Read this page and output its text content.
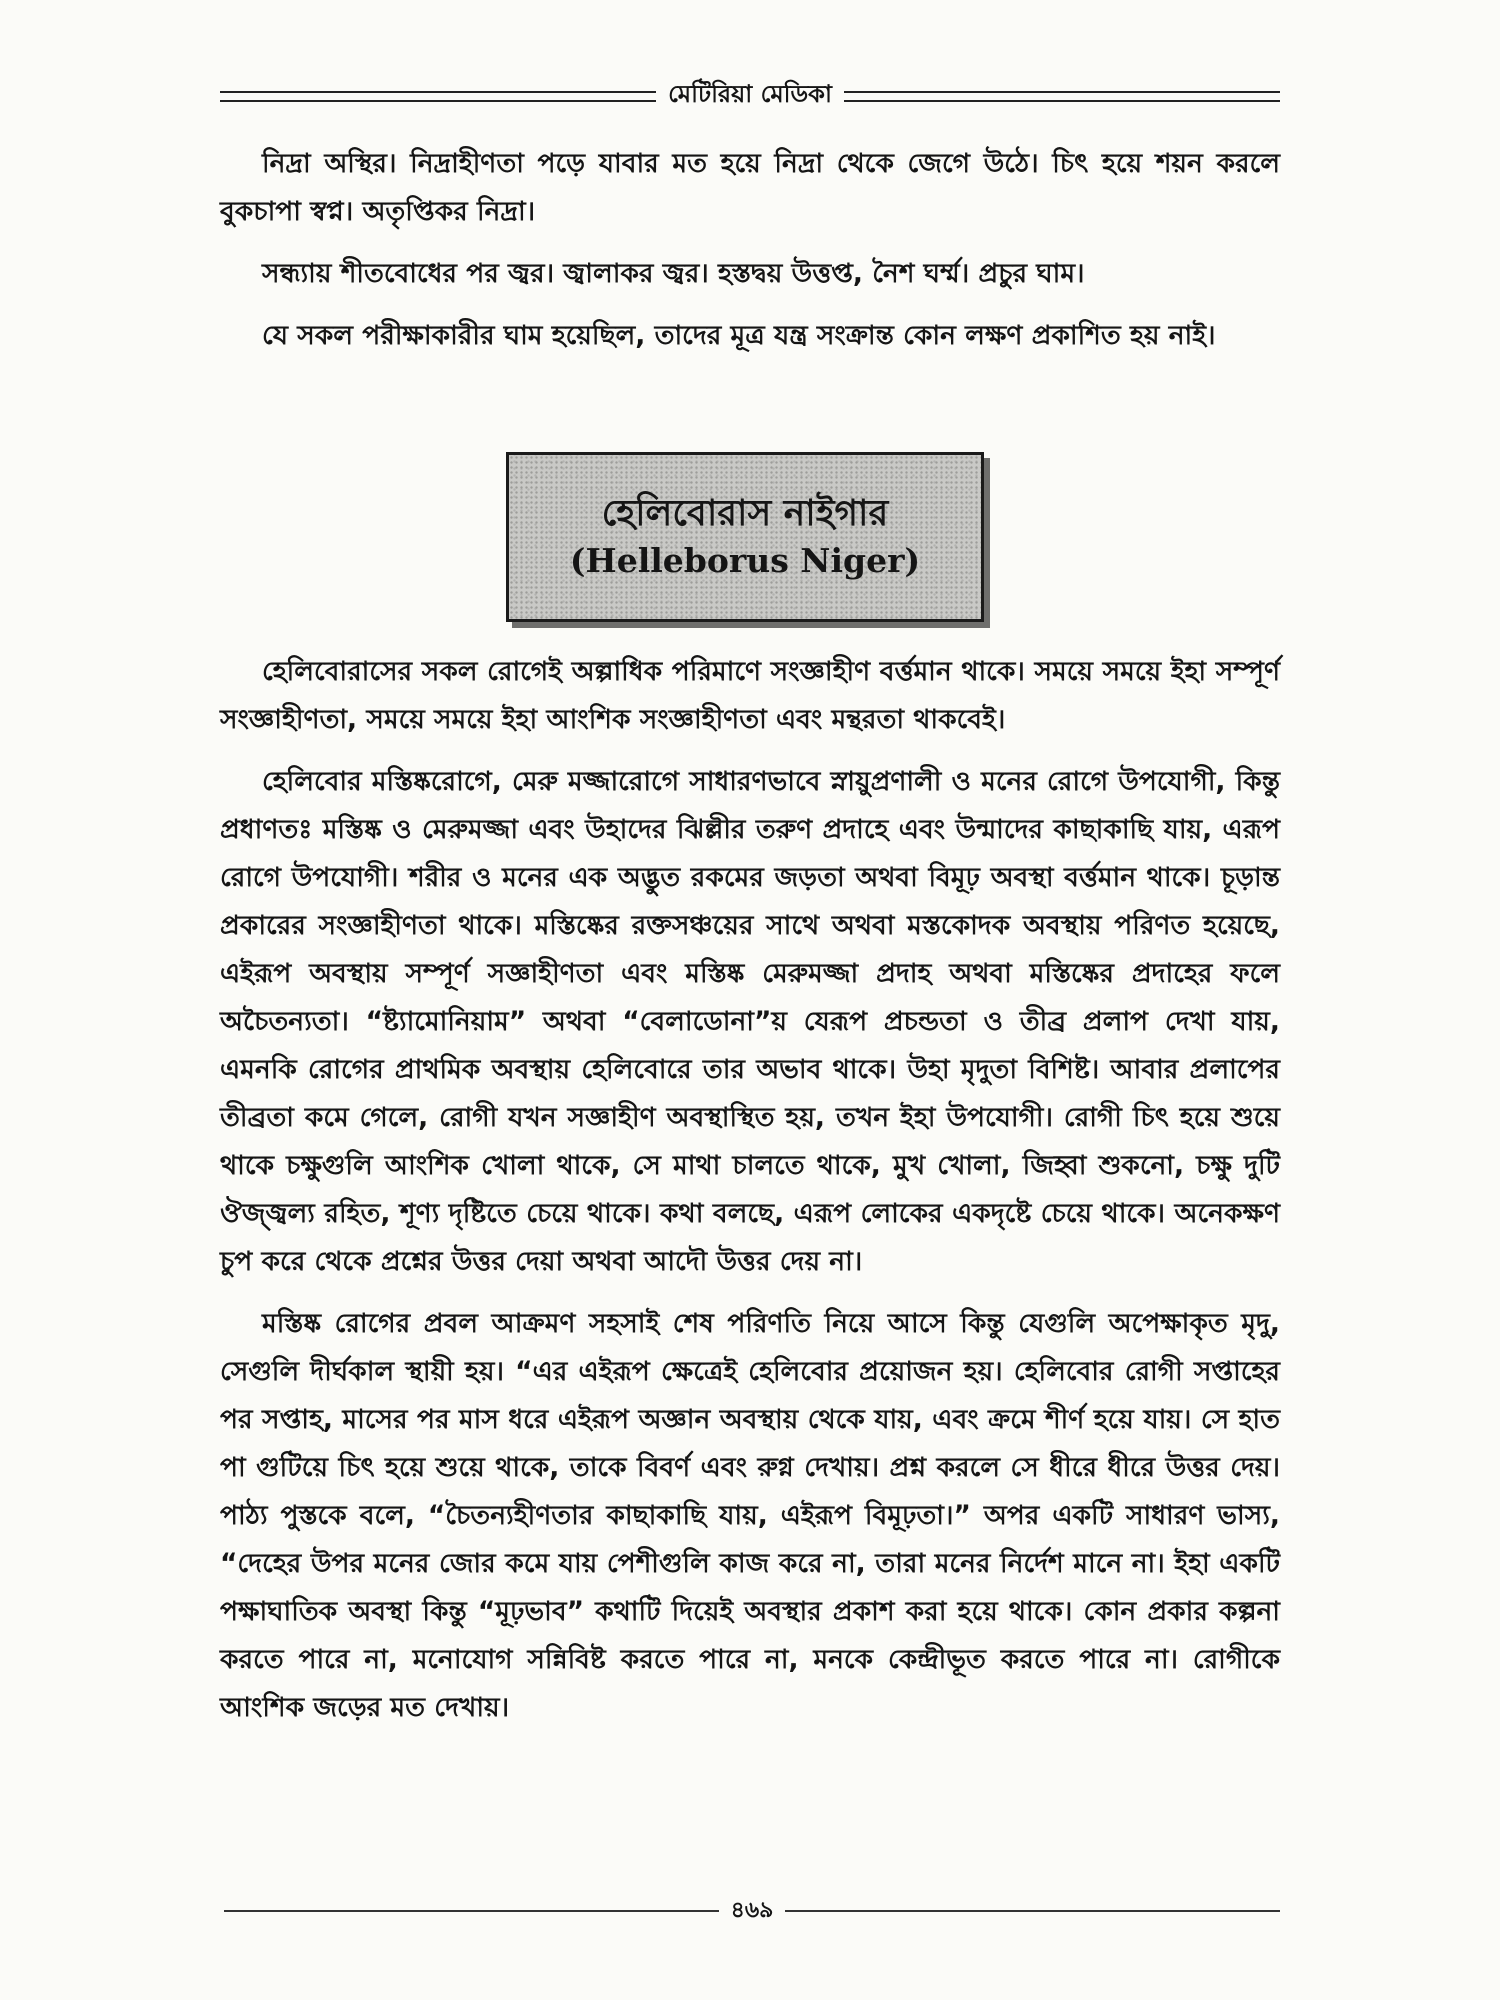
মেটিরিয়া মেডিকা

নিদ্রা অস্থির। নিদ্রাহীণতা পড়ে যাবার মত হয়ে নিদ্রা থেকে জেগে উঠে। চিৎ হয়ে শয়ন করলে বুকচাপা স্বপ্ন। অতৃপ্তিকর নিদ্রা।

সন্ধ্যায় শীতবোধের পর জ্বর। জ্বালাকর জ্বর। হস্তদ্বয় উত্তপ্ত, নৈশ ঘর্ম্ম। প্রচুর ঘাম।

যে সকল পরীক্ষাকারীর ঘাম হয়েছিল, তাদের মূত্র যন্ত্র সংক্রান্ত কোন লক্ষণ প্রকাশিত হয় নাই।

হেলিবোরাস নাইগার
(Helleborus Niger)

হেলিবোরাসের সকল রোগেই অল্পাধিক পরিমাণে সংজ্ঞাহীণ বর্ত্তমান থাকে। সময়ে সময়ে ইহা সম্পূর্ণ সংজ্ঞাহীণতা, সময়ে সময়ে ইহা আংশিক সংজ্ঞাহীণতা এবং মন্থরতা থাকবেই।

হেলিবোর মস্তিষ্করোগে, মেরু মজ্জারোগে সাধারণভাবে স্নায়ুপ্রণালী ও মনের রোগে উপযোগী, কিন্তু প্রধাণতঃ মস্তিষ্ক ও মেরুমজ্জা এবং উহাদের ঝিল্লীর তরুণ প্রদাহে এবং উন্মাদের কাছাকাছি যায়, এরূপ রোগে উপযোগী। শরীর ও মনের এক অদ্ভুত রকমের জড়তা অথবা বিমূঢ় অবস্থা বর্ত্তমান থাকে। চূড়ান্ত প্রকারের সংজ্ঞাহীণতা থাকে। মস্তিষ্কের রক্তসঞ্চয়ের সাথে অথবা মস্তকোদক অবস্থায় পরিণত হয়েছে, এইরূপ অবস্থায় সম্পূর্ণ সজ্ঞাহীণতা এবং মস্তিষ্ক মেরুমজ্জা প্রদাহ অথবা মস্তিষ্কের প্রদাহের ফলে অচৈতন্যতা। “ষ্ট্যামোনিয়াম” অথবা “বেলাডোনা”য় যেরূপ প্রচন্ডতা ও তীব্র প্রলাপ দেখা যায়, এমনকি রোগের প্রাথমিক অবস্থায় হেলিবোরে তার অভাব থাকে। উহা মৃদুতা বিশিষ্ট। আবার প্রলাপের তীব্রতা কমে গেলে, রোগী যখন সজ্ঞাহীণ অবস্থাস্থিত হয়, তখন ইহা উপযোগী। রোগী চিৎ হয়ে শুয়ে থাকে চক্ষুগুলি আংশিক খোলা থাকে, সে মাথা চালতে থাকে, মুখ খোলা, জিহ্বা শুকনো, চক্ষু দুটি ঔজ্জ্বল্য রহিত, শূণ্য দৃষ্টিতে চেয়ে থাকে। কথা বলছে, এরূপ লোকের একদৃষ্টে চেয়ে থাকে। অনেকক্ষণ চুপ করে থেকে প্রশ্নের উত্তর দেয়া অথবা আদৌ উত্তর দেয় না।

মস্তিষ্ক রোগের প্রবল আক্রমণ সহসাই শেষ পরিণতি নিয়ে আসে কিন্তু যেগুলি অপেক্ষাকৃত মৃদু, সেগুলি দীর্ঘকাল স্থায়ী হয়। “এর এইরূপ ক্ষেত্রেই হেলিবোর প্রয়োজন হয়। হেলিবোর রোগী সপ্তাহের পর সপ্তাহ, মাসের পর মাস ধরে এইরূপ অজ্ঞান অবস্থায় থেকে যায়, এবং ক্রমে শীর্ণ হয়ে যায়। সে হাত পা গুটিয়ে চিৎ হয়ে শুয়ে থাকে, তাকে বিবর্ণ এবং রুগ্ন দেখায়। প্রশ্ন করলে সে ধীরে ধীরে উত্তর দেয়। পাঠ্য পুস্তকে বলে, “চৈতন্যহীণতার কাছাকাছি যায়, এইরূপ বিমূঢ়তা।” অপর একটি সাধারণ ভাস্য, “দেহের উপর মনের জোর কমে যায় পেশীগুলি কাজ করে না, তারা মনের নির্দেশ মানে না। ইহা একটি পক্ষাঘাতিক অবস্থা কিন্তু “মূঢ়ভাব” কথাটি দিয়েই অবস্থার প্রকাশ করা হয়ে থাকে। কোন প্রকার কল্পনা করতে পারে না, মনোযোগ সন্নিবিষ্ট করতে পারে না, মনকে কেন্দ্রীভূত করতে পারে না। রোগীকে আংশিক জড়ের মত দেখায়।

৪৬৯
